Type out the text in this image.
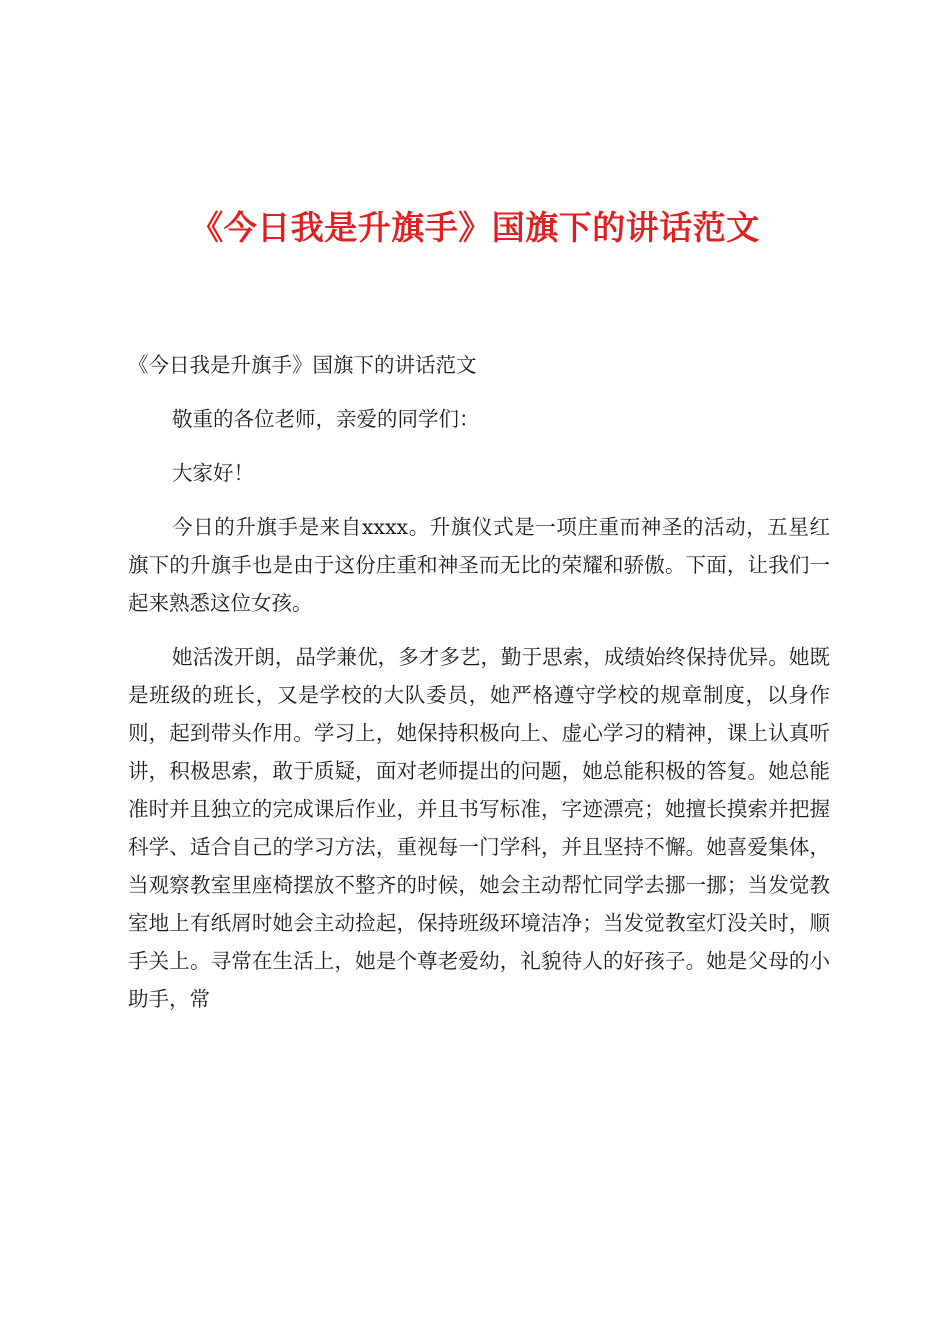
《今日我是升旗手》国旗下的讲话范文

《今日我是升旗手》国旗下的讲话范文

敬重的各位老师，亲爱的同学们：

大家好！

今日的升旗手是来自xxxx。升旗仪式是一项庄重而神圣的活动，五星红旗下的升旗手也是由于这份庄重和神圣而无比的荣耀和骄傲。下面，让我们一起来熟悉这位女孩。

她活泼开朗，品学兼优，多才多艺，勤于思索，成绩始终保持优异。她既是班级的班长，又是学校的大队委员，她严格遵守学校的规章制度，以身作则，起到带头作用。学习上，她保持积极向上、虚心学习的精神，课上认真听讲，积极思索，敢于质疑，面对老师提出的问题，她总能积极的答复。她总能准时并且独立的完成课后作业，并且书写标准，字迹漂亮；她擅长摸索并把握科学、适合自己的学习方法，重视每一门学科，并且坚持不懈。她喜爱集体，当观察教室里座椅摆放不整齐的时候，她会主动帮忙同学去挪一挪；当发觉教室地上有纸屑时她会主动捡起，保持班级环境洁净；当发觉教室灯没关时，顺手关上。寻常在生活上，她是个尊老爱幼，礼貌待人的好孩子。她是父母的小助手，常
